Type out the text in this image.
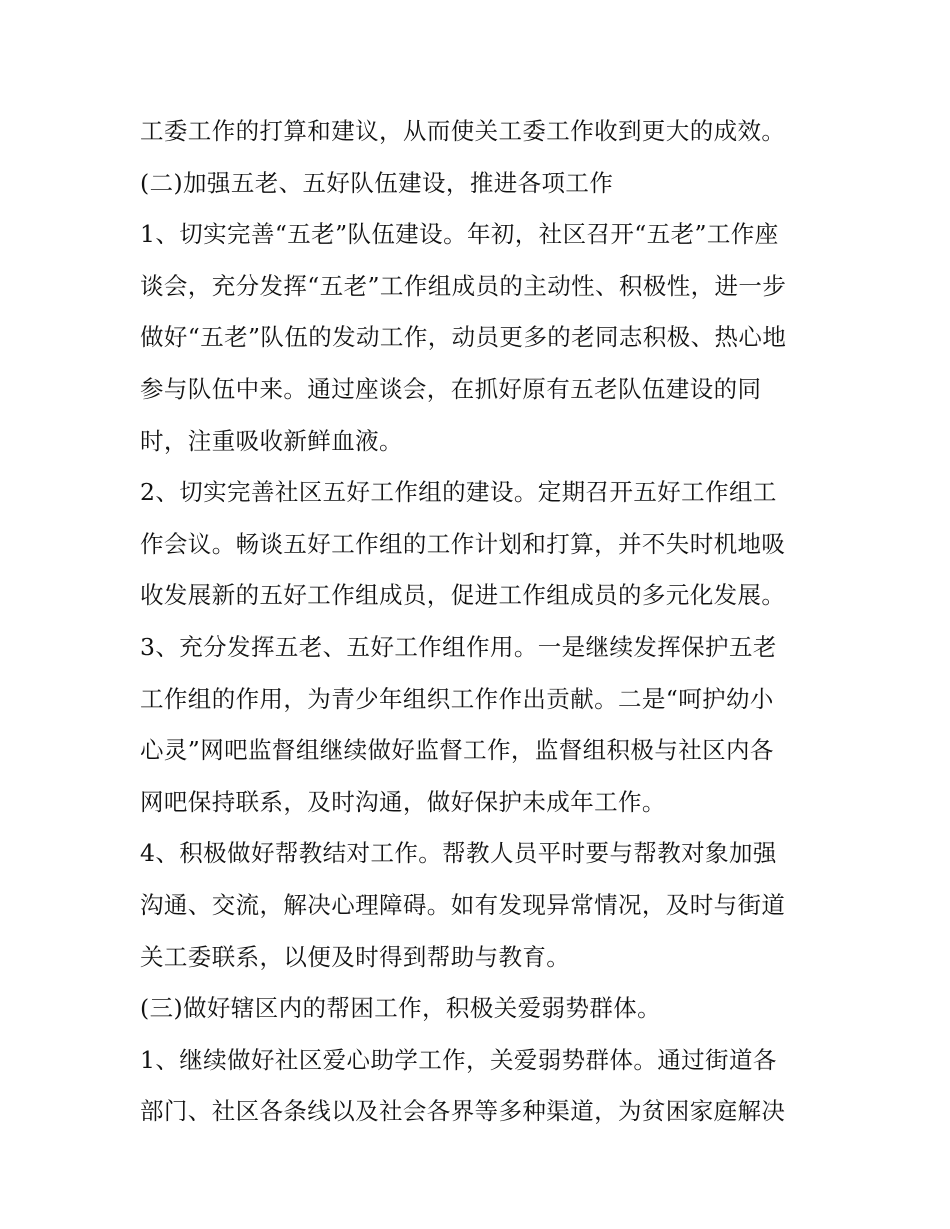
工委工作的打算和建议，从而使关工委工作收到更大的成效。
(二)加强五老、五好队伍建设，推进各项工作
1、切实完善“五老”队伍建设。年初，社区召开“五老”工作座
谈会，充分发挥“五老”工作组成员的主动性、积极性，进一步
做好“五老”队伍的发动工作，动员更多的老同志积极、热心地
参与队伍中来。通过座谈会，在抓好原有五老队伍建设的同
时，注重吸收新鲜血液。
2、切实完善社区五好工作组的建设。定期召开五好工作组工
作会议。畅谈五好工作组的工作计划和打算，并不失时机地吸
收发展新的五好工作组成员，促进工作组成员的多元化发展。
3、充分发挥五老、五好工作组作用。一是继续发挥保护五老
工作组的作用，为青少年组织工作作出贡献。二是“呵护幼小
心灵”网吧监督组继续做好监督工作，监督组积极与社区内各
网吧保持联系，及时沟通，做好保护未成年工作。
4、积极做好帮教结对工作。帮教人员平时要与帮教对象加强
沟通、交流，解决心理障碍。如有发现异常情况，及时与街道
关工委联系，以便及时得到帮助与教育。
(三)做好辖区内的帮困工作，积极关爱弱势群体。
1、继续做好社区爱心助学工作，关爱弱势群体。通过街道各
部门、社区各条线以及社会各界等多种渠道，为贫困家庭解决
